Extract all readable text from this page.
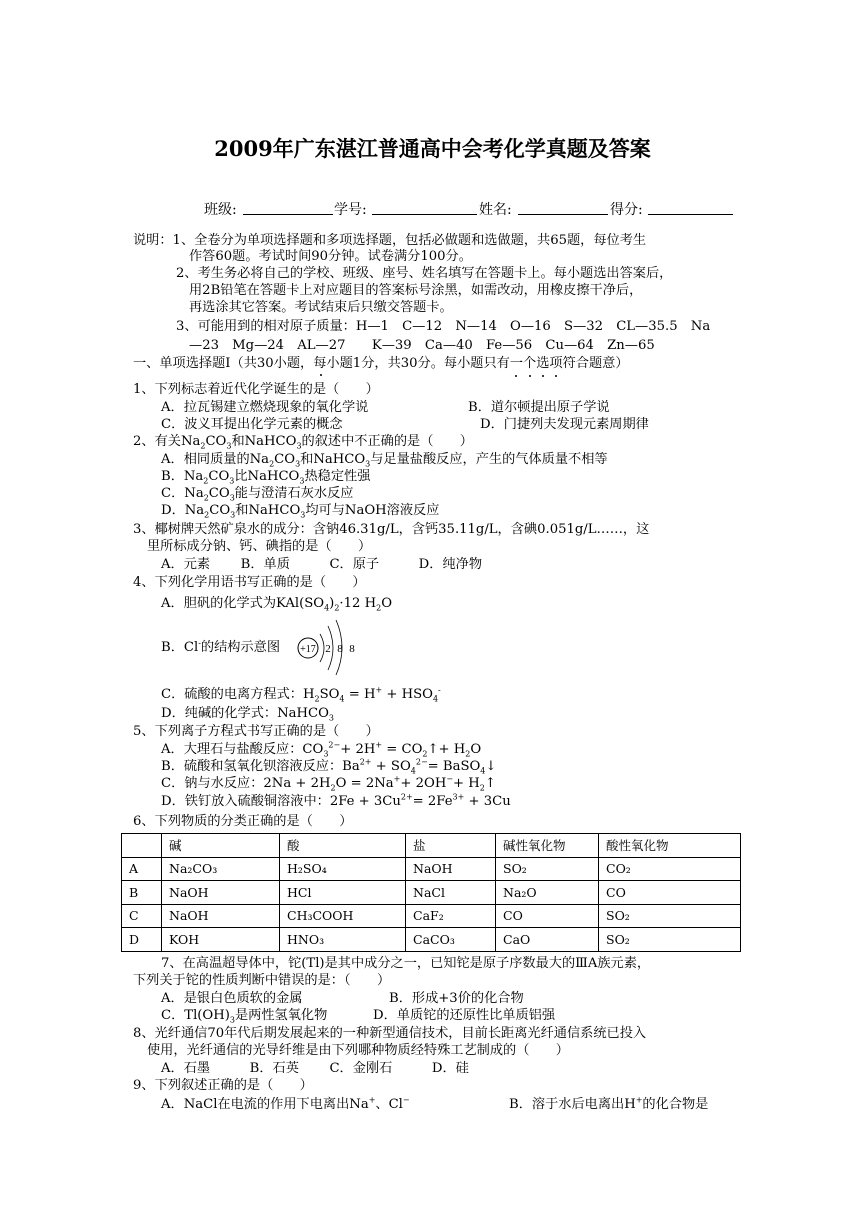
2009年广东湛江普通高中会考化学真题及答案
班级:	学号:	姓名:	得分:
说明：1、全卷分为单项选择题和多项选择题，包括必做题和选做题，共65题，每位考生
作答60题。考试时间90分钟。试卷满分100分。
2、考生务必将自己的学校、班级、座号、姓名填写在答题卡上。每小题选出答案后，
用2B铅笔在答题卡上对应题目的答案标号涂黑，如需改动，用橡皮擦干净后，
再选涂其它答案。考试结束后只缴交答题卡。
3、可能用到的相对原子质量：H—1　C—12　N—14　O—16　S—32　CL—35.5　Na
—23　Mg—24　AL—27　　K—39　Ca—40　Fe—56　Cu—64　Zn—65
一、单项选择题Ⅰ（共30小题，每小题1分，共30分。每小题只有一个选项符合题意）
1、下列标志着近代化学诞生的是（　　）
A．拉瓦锡建立燃烧现象的氧化学说	B．道尔顿提出原子学说
C．波义耳提出化学元素的概念	D．门捷列夫发现元素周期律
2、有关$Na_2CO_3$和NaHCO$_3$的叙述中不正确的是（　　）
A．相同质量的$Na_2CO_3$和NaHCO$_3$与足量盐酸反应，产生的气体质量不相等
B．$Na_2CO_3$比NaHCO$_3$热稳定性强
C．$Na_2CO_3$能与澄清石灰水反应
D．$Na_2CO_3$和NaHCO$_3$均可与NaOH溶液反应
3、椰树牌天然矿泉水的成分：含钠46.31g/L，含钙35.11g/L，含碘0.051g/L……，这
里所标成分钠、钙、碘指的是（　　）
A．元素　　 B．单质　　　C．原子　　　D．纯净物
4、下列化学用语书写正确的是（　　）
A．胆矾的化学式为$KAl(SO_4)_2\cdot 12$ $H_2O$
B．Cl-的结构示意图 +17 2 8 8
C．硫酸的电离方程式：$H_2SO_4 = H^+ + HSO_4^-$
D．纯碱的化学式：NaHCO$_3$
5、下列离子方程式书写正确的是（　　）
A．大理石与盐酸反应：$CO_3^{2-}+ 2H^+$ = $CO_2↑+ H_2O$
B．硫酸和氢氧化钡溶液反应：$Ba^{2+} + SO_4^{2-}=$ BaSO$_4$↓
C．钠与水反应：$2Na + 2H_2O = 2Na^++ 2OH^-+$ $H_2↑$
D．铁钉放入硫酸铜溶液中：$2Fe + 3Cu^{2+}= 2Fe^{3+} + 3Cu$
6、下列物质的分类正确的是（　　）
	碱	酸	盐	碱性氧化物	酸性氧化物
A	Na₂CO₃	H₂SO₄	NaOH	SO₂	CO₂
B	NaOH	HCl	NaCl	Na₂O	CO
C	NaOH	CH₃COOH	CaF₂	CO	SO₂
D	KOH	HNO₃	CaCO₃	CaO	SO₂
7、在高温超导体中，铊(Tl)是其中成分之一，已知铊是原子序数最大的ⅢA族元素，
下列关于铊的性质判断中错误的是：（　　）
A．是银白色质软的金属	B．形成+3价的化合物
C．$Tl(OH)_3$是两性氢氧化物	D．单质铊的还原性比单质铝强
8、光纤通信70年代后期发展起来的一种新型通信技术，目前长距离光纤通信系统已投入
使用，光纤通信的光导纤维是由下列哪种物质经特殊工艺制成的（　　）
A．石墨　　　B．石英　　 C．金刚石　　　D．硅
9、下列叙述正确的是（　　）
A．NaCl在电流的作用下电离出Na+、Cl−	B．溶于水后电离出H+的化合物是
